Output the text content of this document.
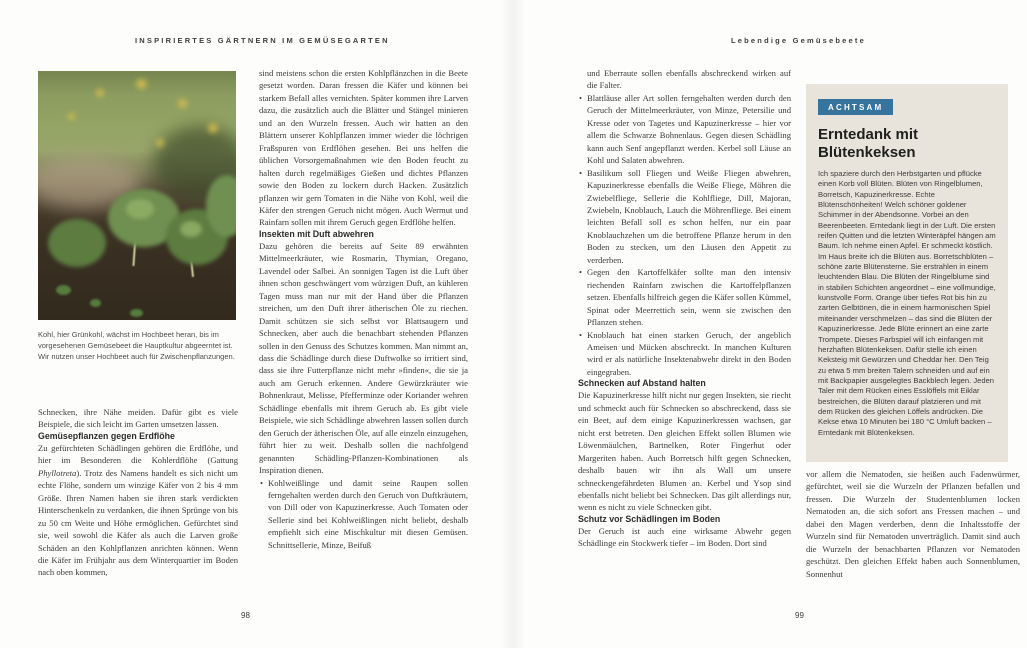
INSPIRIERTES GÄRTNERN IM GEMÜSEGARTEN	Lebendige Gemüsebeete
Kohl, hier Grünkohl, wächst im Hochbeet heran, bis im vorgesehenen Gemüsebeet die Hauptkultur abgeerntet ist. Wir nutzen unser Hochbeet auch für Zwischenpflanzungen.

Schnecken, ihre Nähe meiden. Dafür gibt es viele Beispiele, die sich leicht im Garten umsetzen lassen.

Gemüsepflanzen gegen Erdflöhe

Zu gefürchteten Schädlingen gehören die Erdflöhe, und hier im Besonderen die Kohlerdflöhe (Gattung Phyllotreta). Trotz des Namens handelt es sich nicht um echte Flöhe, sondern um winzige Käfer von 2 bis 4 mm Größe. Ihren Namen haben sie ihren stark verdickten Hinterschenkeln zu verdanken, die ihnen Sprünge von bis zu 50 cm Weite und Höhe ermöglichen. Gefürchtet sind sie, weil sowohl die Käfer als auch die Larven große Schäden an den Kohlpflanzen anrichten können. Wenn die Käfer im Frühjahr aus dem Winterquartier im Boden nach oben kommen,

sind meistens schon die ersten Kohlpflänzchen in die Beete gesetzt worden. Daran fressen die Käfer und können bei starkem Befall alles vernichten. Später kommen ihre Larven dazu, die zusätzlich auch die Blätter und Stängel minieren und an den Wurzeln fressen. Auch wir hatten an den Blättern unserer Kohlpflanzen immer wieder die löchrigen Fraßspuren von Erdflöhen gesehen. Bei uns helfen die üblichen Vorsorgemaßnahmen wie den Boden feucht zu halten durch regelmäßiges Gießen und dichtes Pflanzen sowie den Boden zu lockern durch Hacken. Zusätzlich pflanzen wir gern Tomaten in die Nähe von Kohl, weil die Käfer den strengen Geruch nicht mögen. Auch Wermut und Rainfarn sollen mit ihrem Geruch gegen Erdflöhe helfen.

Insekten mit Duft abwehren

Dazu gehören die bereits auf Seite 89 erwähnten Mittelmeerkräuter, wie Rosmarin, Thymian, Oregano, Lavendel oder Salbei. An sonnigen Tagen ist die Luft über ihnen schon geschwängert vom würzigen Duft, an kühleren Tagen muss man nur mit der Hand über die Pflanzen streichen, um den Duft ihrer ätherischen Öle zu riechen. Damit schützen sie sich selbst vor Blattsaugern und Schnecken, aber auch die benachbart stehenden Pflanzen sollen in den Genuss des Schutzes kommen. Man nimmt an, dass die Schädlinge durch diese Duftwolke so irritiert sind, dass sie ihre Futterpflanze nicht mehr »finden«, die sie ja auch am Geruch erkennen. Andere Gewürzkräuter wie Bohnenkraut, Melisse, Pfefferminze oder Koriander wehren Schädlinge ebenfalls mit ihrem Geruch ab. Es gibt viele Beispiele, wie sich Schädlinge abwehren lassen sollen durch den Geruch der ätherischen Öle, auf alle einzeln einzugehen, führt hier zu weit. Deshalb sollen die nachfolgend genannten Schädling-Pflanzen-Kombinationen als Inspiration dienen.

• Kohlweißlinge und damit seine Raupen sollen ferngehalten werden durch den Geruch von Duftkräutern, von Dill oder von Kapuzinerkresse. Auch Tomaten oder Sellerie sind bei Kohlweißlingen nicht beliebt, deshalb empfiehlt sich eine Mischkultur mit diesen Gemüsen. Schnittsellerie, Minze, Beifuß

und Eberraute sollen ebenfalls abschreckend wirken auf die Falter.

• Blattläuse aller Art sollen ferngehalten werden durch den Geruch der Mittelmeerkräuter, von Minze, Petersilie und Kresse oder von Tagetes und Kapuzinerkresse – hier vor allem die Schwarze Bohnenlaus. Gegen diesen Schädling kann auch Senf angepflanzt werden. Kerbel soll Läuse an Kohl und Salaten abwehren.

• Basilikum soll Fliegen und Weiße Fliegen abwehren, Kapuzinerkresse ebenfalls die Weiße Fliege, Möhren die Zwiebelfliege, Sellerie die Kohlfliege, Dill, Majoran, Zwiebeln, Knoblauch, Lauch die Möhrenfliege. Bei einem leichten Befall soll es schon helfen, nur ein paar Knoblauchzehen um die betroffene Pflanze herum in den Boden zu stecken, um den Läusen den Appetit zu verderben.

• Gegen den Kartoffelkäfer sollte man den intensiv riechenden Rainfarn zwischen die Kartoffelpflanzen setzen. Ebenfalls hilfreich gegen die Käfer sollen Kümmel, Spinat oder Meerrettich sein, wenn sie zwischen den Pflanzen stehen.

• Knoblauch hat einen starken Geruch, der angeblich Ameisen und Mücken abschreckt. In manchen Kulturen wird er als natürliche Insektenabwehr direkt in den Boden eingegraben.

Schnecken auf Abstand halten

Die Kapuzinerkresse hilft nicht nur gegen Insekten, sie riecht und schmeckt auch für Schnecken so abschreckend, dass sie ein Beet, auf dem einige Kapuzinerkressen wachsen, gar nicht erst betreten. Den gleichen Effekt sollen Blumen wie Löwenmäulchen, Bartnelken, Roter Fingerhut oder Margeriten haben. Auch Borretsch hilft gegen Schnecken, deshalb bauen wir ihn als Wall um unsere schneckengefährdeten Blumen an. Kerbel und Ysop sind ebenfalls nicht beliebt bei Schnecken. Das gilt allerdings nur, wenn es nicht zu viele Schnecken gibt.

Schutz vor Schädlingen im Boden

Der Geruch ist auch eine wirksame Abwehr gegen Schädlinge ein Stockwerk tiefer – im Boden. Dort sind

ACHTSAM
Erntedank mit Blütenkeksen
Ich spaziere durch den Herbstgarten und pflücke einen Korb voll Blüten. Blüten von Ringelblumen, Borretsch, Kapuzinerkresse. Echte Blütenschönheiten! Welch schöner goldener Schimmer in der Abendsonne. Vorbei an den Beerenbeeten. Erntedank liegt in der Luft. Die ersten reifen Quitten und die letzten Winteräpfel hängen am Baum. Ich nehme einen Apfel. Er schmeckt köstlich. Im Haus breite ich die Blüten aus. Borretschblüten – schöne zarte Blütensterne. Sie erstrahlen in einem leuchtenden Blau. Die Blüten der Ringelblume sind in stabilen Schichten angeordnet – eine vollmundige, kunstvolle Form. Orange über tiefes Rot bis hin zu zarten Gelbtönen, die in einem harmonischen Spiel miteinander verschmelzen – das sind die Blüten der Kapuzinerkresse. Jede Blüte erinnert an eine zarte Trompete. Dieses Farbspiel will ich einfangen mit herzhaften Blütenkeksen. Dafür stelle ich einen Keksteig mit Gewürzen und Cheddar her. Den Teig zu etwa 5 mm breiten Talern schneiden und auf ein mit Backpapier ausgelegtes Backblech legen. Jeden Taler mit dem Rücken eines Esslöffels mit Eiklar bestreichen, die Blüten darauf platzieren und mit dem Rücken des gleichen Löffels andrücken. Die Kekse etwa 10 Minuten bei 180 °C Umluft backen – Erntedank mit Blütenkeksen.

vor allem die Nematoden, sie heißen auch Fadenwürmer, gefürchtet, weil sie die Wurzeln der Pflanzen befallen und fressen. Die Wurzeln der Studentenblumen locken Nematoden an, die sich sofort ans Fressen machen – und dabei den Magen verderben, denn die Inhaltsstoffe der Wurzeln sind für Nematoden unverträglich. Damit sind auch die Wurzeln der benachbarten Pflanzen vor Nematoden geschützt. Den gleichen Effekt haben auch Sonnenblumen, Sonnenhut

98	99
